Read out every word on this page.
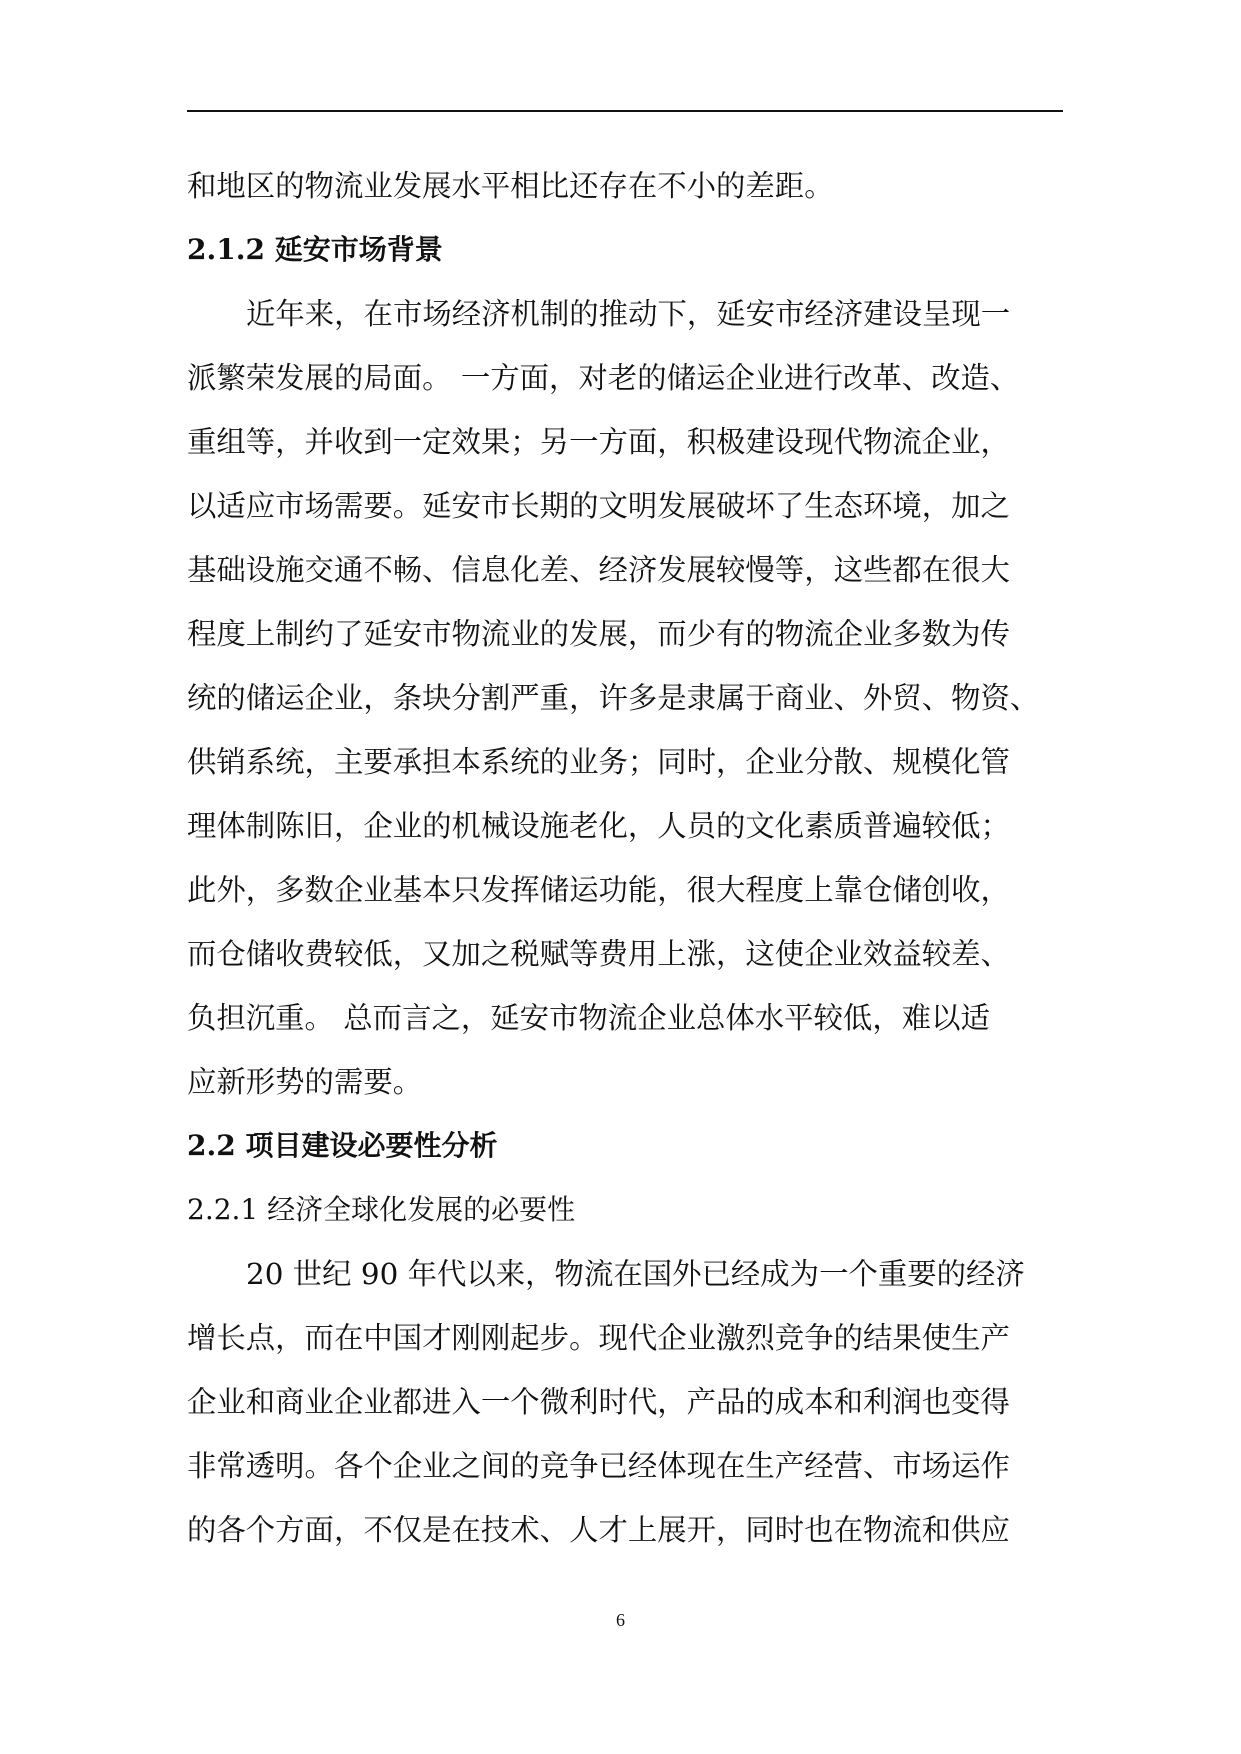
和地区的物流业发展水平相比还存在不小的差距。
2.1.2 延安市场背景
近年来，在市场经济机制的推动下，延安市经济建设呈现一
派繁荣发展的局面。 一方面，对老的储运企业进行改革、改造、
重组等，并收到一定效果；另一方面，积极建设现代物流企业，
以适应市场需要。延安市长期的文明发展破坏了生态环境，加之
基础设施交通不畅、信息化差、经济发展较慢等，这些都在很大
程度上制约了延安市物流业的发展，而少有的物流企业多数为传
统的储运企业，条块分割严重，许多是隶属于商业、外贸、物资、
供销系统，主要承担本系统的业务；同时，企业分散、规模化管
理体制陈旧，企业的机械设施老化，人员的文化素质普遍较低；
此外，多数企业基本只发挥储运功能，很大程度上靠仓储创收，
而仓储收费较低，又加之税赋等费用上涨，这使企业效益较差、
负担沉重。 总而言之，延安市物流企业总体水平较低，难以适
应新形势的需要。
2.2 项目建设必要性分析
2.2.1 经济全球化发展的必要性
20 世纪 90 年代以来，物流在国外已经成为一个重要的经济
增长点，而在中国才刚刚起步。现代企业激烈竞争的结果使生产
企业和商业企业都进入一个微利时代，产品的成本和利润也变得
非常透明。各个企业之间的竞争已经体现在生产经营、市场运作
的各个方面，不仅是在技术、人才上展开，同时也在物流和供应
6
